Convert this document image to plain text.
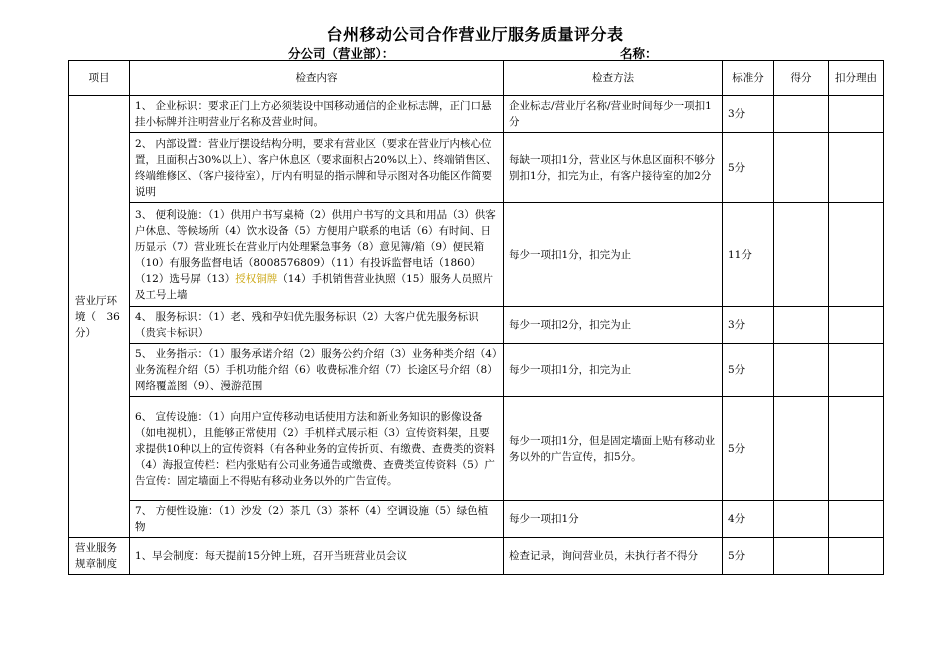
台州移动公司合作营业厅服务质量评分表
分公司（营业部）：	名称：
项目	检查内容	检查方法	标准分	得分	扣分理由
营业厅环境（　36分）	1、 企业标识：要求正门上方必须装设中国移动通信的企业标志牌，正门口悬挂小标牌并注明营业厅名称及营业时间。	企业标志/营业厅名称/营业时间每少一项扣1分	3分		
	2、 内部设置：营业厅摆设结构分明，要求有营业区（要求在营业厅内核心位置，且面积占30%以上）、客户休息区（要求面积占20%以上）、终端销售区、终端维修区、（客户接待室），厅内有明显的指示牌和导示图对各功能区作简要说明	每缺一项扣1分，营业区与休息区面积不够分别扣1分，扣完为止，有客户接待室的加2分	5分		
	3、 便利设施：（1）供用户书写桌椅（2）供用户书写的文具和用品（3）供客户休息、等候场所（4）饮水设备（5）方便用户联系的电话（6）有时间、日历显示（7）营业班长在营业厅内处理紧急事务（8）意见簿/箱（9）便民箱（10）有服务监督电话（8008576809）（11）有投诉监督电话（1860）（12）选号屏（13）授权铜牌（14）手机销售营业执照（15）服务人员照片及工号上墙	每少一项扣1分，扣完为止	11分		
	4、 服务标识：（1）老、残和孕妇优先服务标识（2）大客户优先服务标识（贵宾卡标识）	每少一项扣2分，扣完为止	3分		
	5、 业务指示：（1）服务承诺介绍（2）服务公约介绍（3）业务种类介绍（4）业务流程介绍（5）手机功能介绍（6）收费标准介绍（7）长途区号介绍（8）网络覆盖图（9）、漫游范围	每少一项扣1分，扣完为止	5分		
	6、 宣传设施：（1）向用户宣传移动电话使用方法和新业务知识的影像设备（如电视机），且能够正常使用（2）手机样式展示柜（3）宣传资料架，且要求提供10种以上的宣传资料（有各种业务的宣传折页、有缴费、查费类的资料（4）海报宣传栏：栏内张贴有公司业务通告或缴费、查费类宣传资料（5）广告宣传：固定墙面上不得贴有移动业务以外的广告宣传。	每少一项扣1分，但是固定墙面上贴有移动业务以外的广告宣传，扣5分。	5分		
	7、 方便性设施：（1）沙发（2）茶几（3）茶杯（4）空调设施（5）绿色植物	每少一项扣1分	4分		
营业服务规章制度	1、早会制度：每天提前15分钟上班，召开当班营业员会议	检查记录，询问营业员，未执行者不得分	5分		
